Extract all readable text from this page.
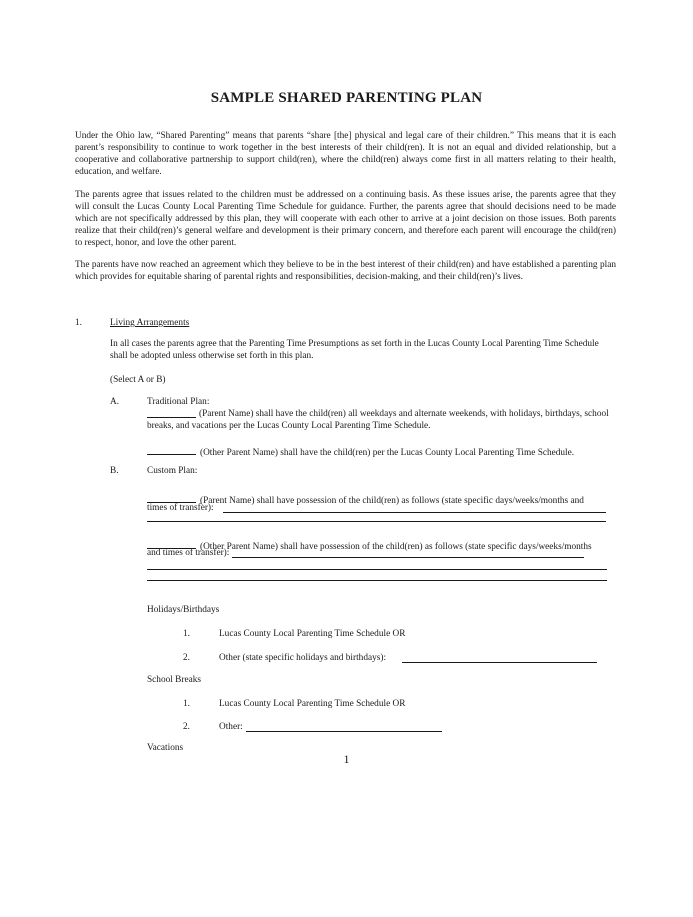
SAMPLE SHARED PARENTING PLAN

Under the Ohio law, “Shared Parenting” means that parents “share [the] physical and legal care of their children.” This means that it is each parent’s responsibility to continue to work together in the best interests of their child(ren). It is not an equal and divided relationship, but a cooperative and collaborative partnership to support child(ren), where the child(ren) always come first in all matters relating to their health, education, and welfare.

The parents agree that issues related to the children must be addressed on a continuing basis. As these issues arise, the parents agree that they will consult the Lucas County Local Parenting Time Schedule for guidance. Further, the parents agree that should decisions need to be made which are not specifically addressed by this plan, they will cooperate with each other to arrive at a joint decision on those issues. Both parents realize that their child(ren)’s general welfare and development is their primary concern, and therefore each parent will encourage the child(ren) to respect, honor, and love the other parent.

The parents have now reached an agreement which they believe to be in the best interest of their child(ren) and have established a parenting plan which provides for equitable sharing of parental rights and responsibilities, decision-making, and their child(ren)’s lives.

1.	Living Arrangements

In all cases the parents agree that the Parenting Time Presumptions as set forth in the Lucas County Local Parenting Time Schedule shall be adopted unless otherwise set forth in this plan.

(Select A or B)
A.	Traditional Plan:
(Parent Name) shall have the child(ren) all weekdays and alternate weekends, with holidays, birthdays, school breaks, and vacations per the Lucas County Local Parenting Time Schedule.
(Other Parent Name) shall have the child(ren) per the Lucas County Local Parenting Time Schedule.
B.	Custom Plan:
(Parent Name) shall have possession of the child(ren) as follows (state specific days/weeks/months and
times of transfer):
(Other Parent Name) shall have possession of the child(ren) as follows (state specific days/weeks/months
and times of transfer):
Holidays/Birthdays
1.	Lucas County Local Parenting Time Schedule OR
2.	Other (state specific holidays and birthdays):
School Breaks
1.	Lucas County Local Parenting Time Schedule OR
2.	Other:
Vacations
1
